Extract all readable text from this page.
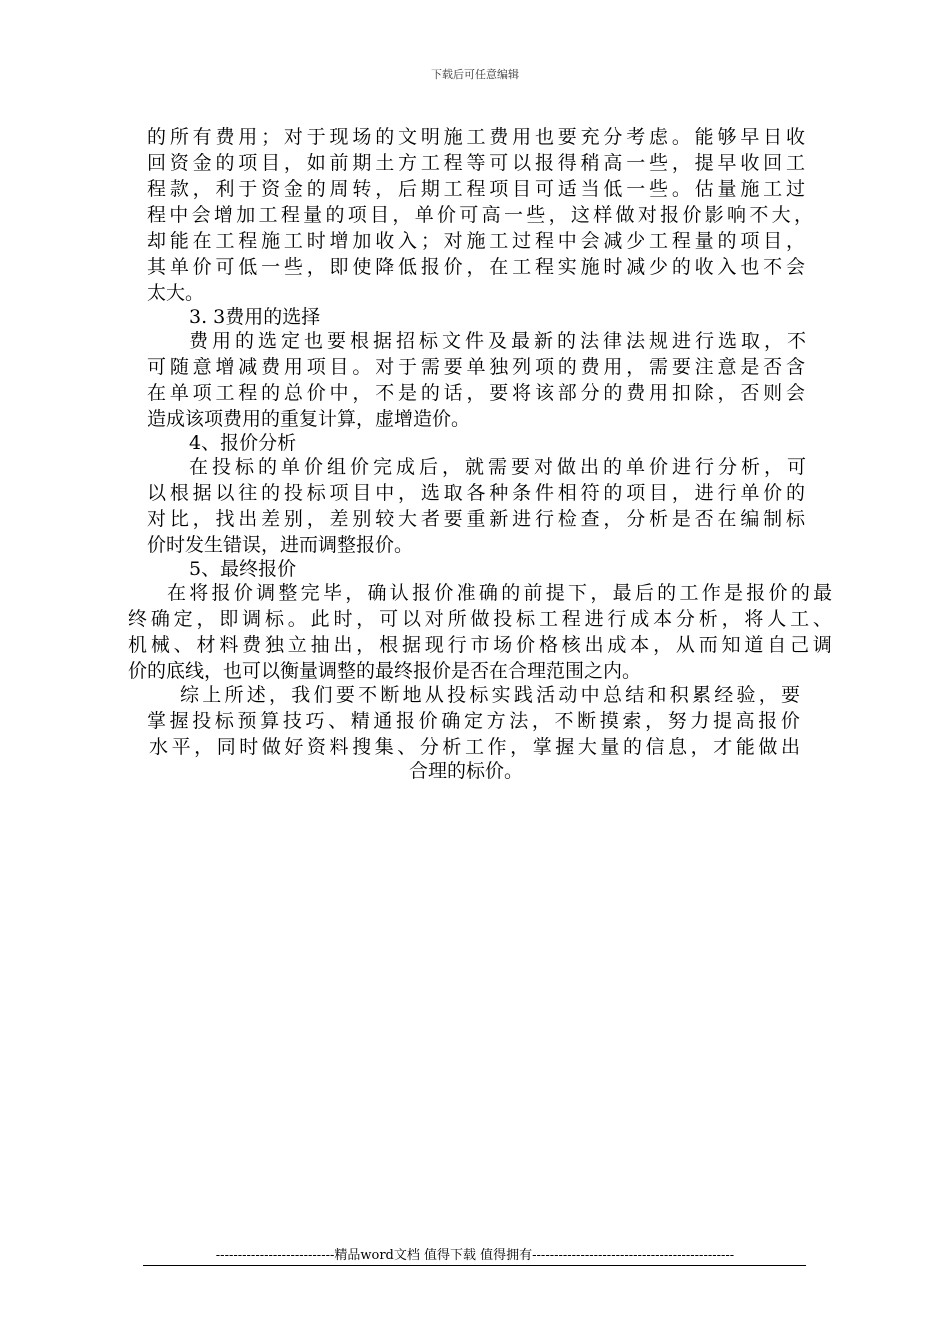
下载后可任意编辑
的所有费用；对于现场的文明施工费用也要充分考虑。能够早日收
回资金的项目，如前期土方工程等可以报得稍高一些，提早收回工
程款，利于资金的周转，后期工程项目可适当低一些。估量施工过
程中会增加工程量的项目，单价可高一些，这样做对报价影响不大，
却能在工程施工时增加收入；对施工过程中会减少工程量的项目，
其单价可低一些，即使降低报价，在工程实施时减少的收入也不会
太大。
3. 3费用的选择
费用的选定也要根据招标文件及最新的法律法规进行选取，不
可随意增减费用项目。对于需要单独列项的费用，需要注意是否含
在单项工程的总价中，不是的话，要将该部分的费用扣除，否则会
造成该项费用的重复计算，虚增造价。
4、报价分析
在投标的单价组价完成后，就需要对做出的单价进行分析，可
以根据以往的投标项目中，选取各种条件相符的项目，进行单价的
对比，找出差别，差别较大者要重新进行检查，分析是否在编制标
价时发生错误，进而调整报价。
5、最终报价
在将报价调整完毕，确认报价准确的前提下，最后的工作是报价的最
终确定，即调标。此时，可以对所做投标工程进行成本分析，将人工、
机械、材料费独立抽出，根据现行市场价格核出成本，从而知道自己调
价的底线，也可以衡量调整的最终报价是否在合理范围之内。
综上所述，我们要不断地从投标实践活动中总结和积累经验，要
掌握投标预算技巧、精通报价确定方法，不断摸索，努力提高报价
水平，同时做好资料搜集、分析工作，掌握大量的信息，才能做出
合理的标价。
---------------------------精品word文档 值得下载 值得拥有----------------------------------------------
